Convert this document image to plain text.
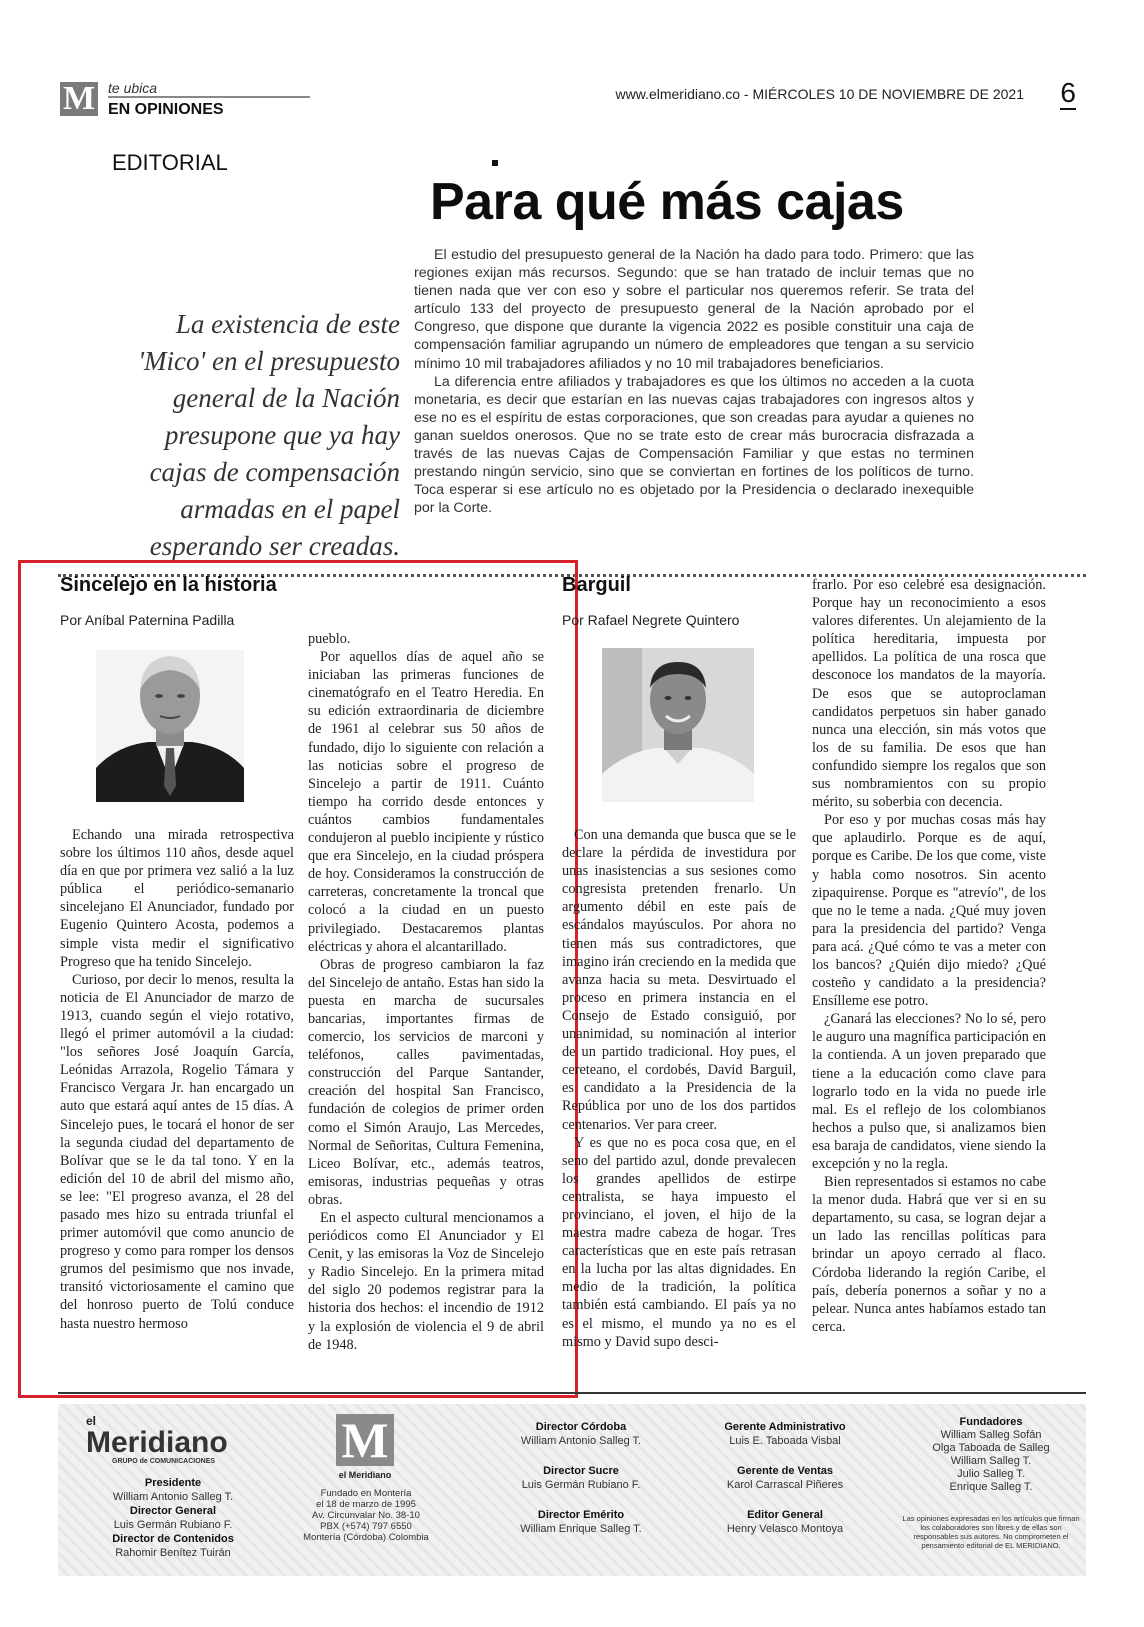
M te ubica
EN OPINIONES
www.elmeridiano.co - MIÉRCOLES 10 DE NOVIEMBRE DE 2021 6
EDITORIAL
Para qué más cajas
La existencia de este 'Mico' en el presupuesto general de la Nación presupone que ya hay cajas de compensación armadas en el papel esperando ser creadas.

El estudio del presupuesto general de la Nación ha dado para todo. Primero: que las regiones exijan más recursos. Segundo: que se han tratado de incluir temas que no tienen nada que ver con eso y sobre el particular nos queremos referir. Se trata del artículo 133 del proyecto de presupuesto general de la Nación aprobado por el Congreso, que dispone que durante la vigencia 2022 es posible constituir una caja de compensación familiar agrupando un número de empleadores que tengan a su servicio mínimo 10 mil trabajadores afiliados y no 10 mil trabajadores beneficiarios.

La diferencia entre afiliados y trabajadores es que los últimos no acceden a la cuota monetaria, es decir que estarían en las nuevas cajas trabajadores con ingresos altos y ese no es el espíritu de estas corporaciones, que son creadas para ayudar a quienes no ganan sueldos onerosos. Que no se trate esto de crear más burocracia disfrazada a través de las nuevas Cajas de Compensación Familiar y que estas no terminen prestando ningún servicio, sino que se conviertan en fortines de los políticos de turno. Toca esperar si ese artículo no es objetado por la Presidencia o declarado inexequible por la Corte.

Sincelejo en la historia
Por Aníbal Paternina Padilla

Echando una mirada retrospectiva sobre los últimos 110 años, desde aquel día en que por primera vez salió a la luz pública el periódico-semanario sincelejano El Anunciador, fundado por Eugenio Quintero Acosta, podemos a simple vista medir el significativo Progreso que ha tenido Sincelejo.

Curioso, por decir lo menos, resulta la noticia de El Anunciador de marzo de 1913, cuando según el viejo rotativo, llegó el primer automóvil a la ciudad: "los señores José Joaquín García, Leónidas Arrazola, Rogelio Támara y Francisco Vergara Jr. han encargado un auto que estará aquí antes de 15 días. A Sincelejo pues, le tocará el honor de ser la segunda ciudad del departamento de Bolívar que se le da tal tono. Y en la edición del 10 de abril del mismo año, se lee: "El progreso avanza, el 28 del pasado mes hizo su entrada triunfal el primer automóvil que como anuncio de progreso y como para romper los densos grumos del pesimismo que nos invade, transitó victoriosamente el camino que del honroso puerto de Tolú conduce hasta nuestro hermoso

pueblo.

Por aquellos días de aquel año se iniciaban las primeras funciones de cinematógrafo en el Teatro Heredia. En su edición extraordinaria de diciembre de 1961 al celebrar sus 50 años de fundado, dijo lo siguiente con relación a las noticias sobre el progreso de Sincelejo a partir de 1911. Cuánto tiempo ha corrido desde entonces y cuántos cambios fundamentales condujeron al pueblo incipiente y rústico que era Sincelejo, en la ciudad próspera de hoy. Consideramos la construcción de carreteras, concretamente la troncal que colocó a la ciudad en un puesto privilegiado. Destacaremos plantas eléctricas y ahora el alcantarillado.

Obras de progreso cambiaron la faz del Sincelejo de antaño. Estas han sido la puesta en marcha de sucursales bancarias, importantes firmas de comercio, los servicios de marconi y teléfonos, calles pavimentadas, construcción del Parque Santander, creación del hospital San Francisco, fundación de colegios de primer orden como el Simón Araujo, Las Mercedes, Normal de Señoritas, Cultura Femenina, Liceo Bolívar, etc., además teatros, emisoras, industrias pequeñas y otras obras.

En el aspecto cultural mencionamos a periódicos como El Anunciador y El Cenit, y las emisoras la Voz de Sincelejo y Radio Sincelejo. En la primera mitad del siglo 20 podemos registrar para la historia dos hechos: el incendio de 1912 y la explosión de violencia el 9 de abril de 1948.

Barguil
Por Rafael Negrete Quintero

Con una demanda que busca que se le declare la pérdida de investidura por unas inasistencias a sus sesiones como congresista pretenden frenarlo. Un argumento débil en este país de escándalos mayúsculos. Por ahora no tienen más sus contradictores, que imagino irán creciendo en la medida que avanza hacia su meta. Desvirtuado el proceso en primera instancia en el Consejo de Estado consiguió, por unanimidad, su nominación al interior de un partido tradicional. Hoy pues, el cereteano, el cordobés, David Barguil, es candidato a la Presidencia de la República por uno de los dos partidos centenarios. Ver para creer.

Y es que no es poca cosa que, en el seno del partido azul, donde prevalecen los grandes apellidos de estirpe centralista, se haya impuesto el provinciano, el joven, el hijo de la maestra madre cabeza de hogar. Tres características que en este país retrasan en la lucha por las altas dignidades. En medio de la tradición, la política también está cambiando. El país ya no es el mismo, el mundo ya no es el mismo y David supo desci-

frarlo. Por eso celebré esa designación. Porque hay un reconocimiento a esos valores diferentes. Un alejamiento de la política hereditaria, impuesta por apellidos. La política de una rosca que desconoce los mandatos de la mayoría. De esos que se autoproclaman candidatos perpetuos sin haber ganado nunca una elección, sin más votos que los de su familia. De esos que han confundido siempre los regalos que son sus nombramientos con su propio mérito, su soberbia con decencia.

Por eso y por muchas cosas más hay que aplaudirlo. Porque es de aquí, porque es Caribe. De los que come, viste y habla como nosotros. Sin acento zipaquirense. Porque es "atrevío", de los que no le teme a nada. ¿Qué muy joven para la presidencia del partido? Venga para acá. ¿Qué cómo te vas a meter con los bancos? ¿Quién dijo miedo? ¿Qué costeño y candidato a la presidencia? Ensílleme ese potro.

¿Ganará las elecciones? No lo sé, pero le auguro una magnífica participación en la contienda. A un joven preparado que tiene a la educación como clave para lograrlo todo en la vida no puede irle mal. Es el reflejo de los colombianos hechos a pulso que, si analizamos bien esa baraja de candidatos, viene siendo la excepción y no la regla.

Bien representados si estamos no cabe la menor duda. Habrá que ver si en su departamento, su casa, se logran dejar a un lado las rencillas políticas para brindar un apoyo cerrado al flaco. Córdoba liderando la región Caribe, el país, debería ponernos a soñar y no a pelear. Nunca antes habíamos estado tan cerca.

el
Meridiano
GRUPO de COMUNICACIONES
Presidente
William Antonio Salleg T.
Director General
Luis Germán Rubiano F.
Director de Contenidos
Rahomir Benítez Tuirán
M
el Meridiano
Fundado en Montería
el 18 de marzo de 1995
Av. Circunvalar No. 38-10
PBX (+574) 797 6550
Montería (Córdoba) Colombia
Director Córdoba
William Antonio Salleg T.
Director Sucre
Luis Germán Rubiano F.
Director Emérito
William Enrique Salleg T.
Gerente Administrativo
Luis E. Taboada Visbal
Gerente de Ventas
Karol Carrascal Piñeres
Editor General
Henry Velasco Montoya
Fundadores
William Salleg Sofán
Olga Taboada de Salleg
William Salleg T.
Julio Salleg T.
Enrique Salleg T.
Las opiniones expresadas en los artículos que firman los colaboradores son libres y de ellas son responsables sus autores. No comprometen el pensamiento editorial de EL MERIDIANO.
